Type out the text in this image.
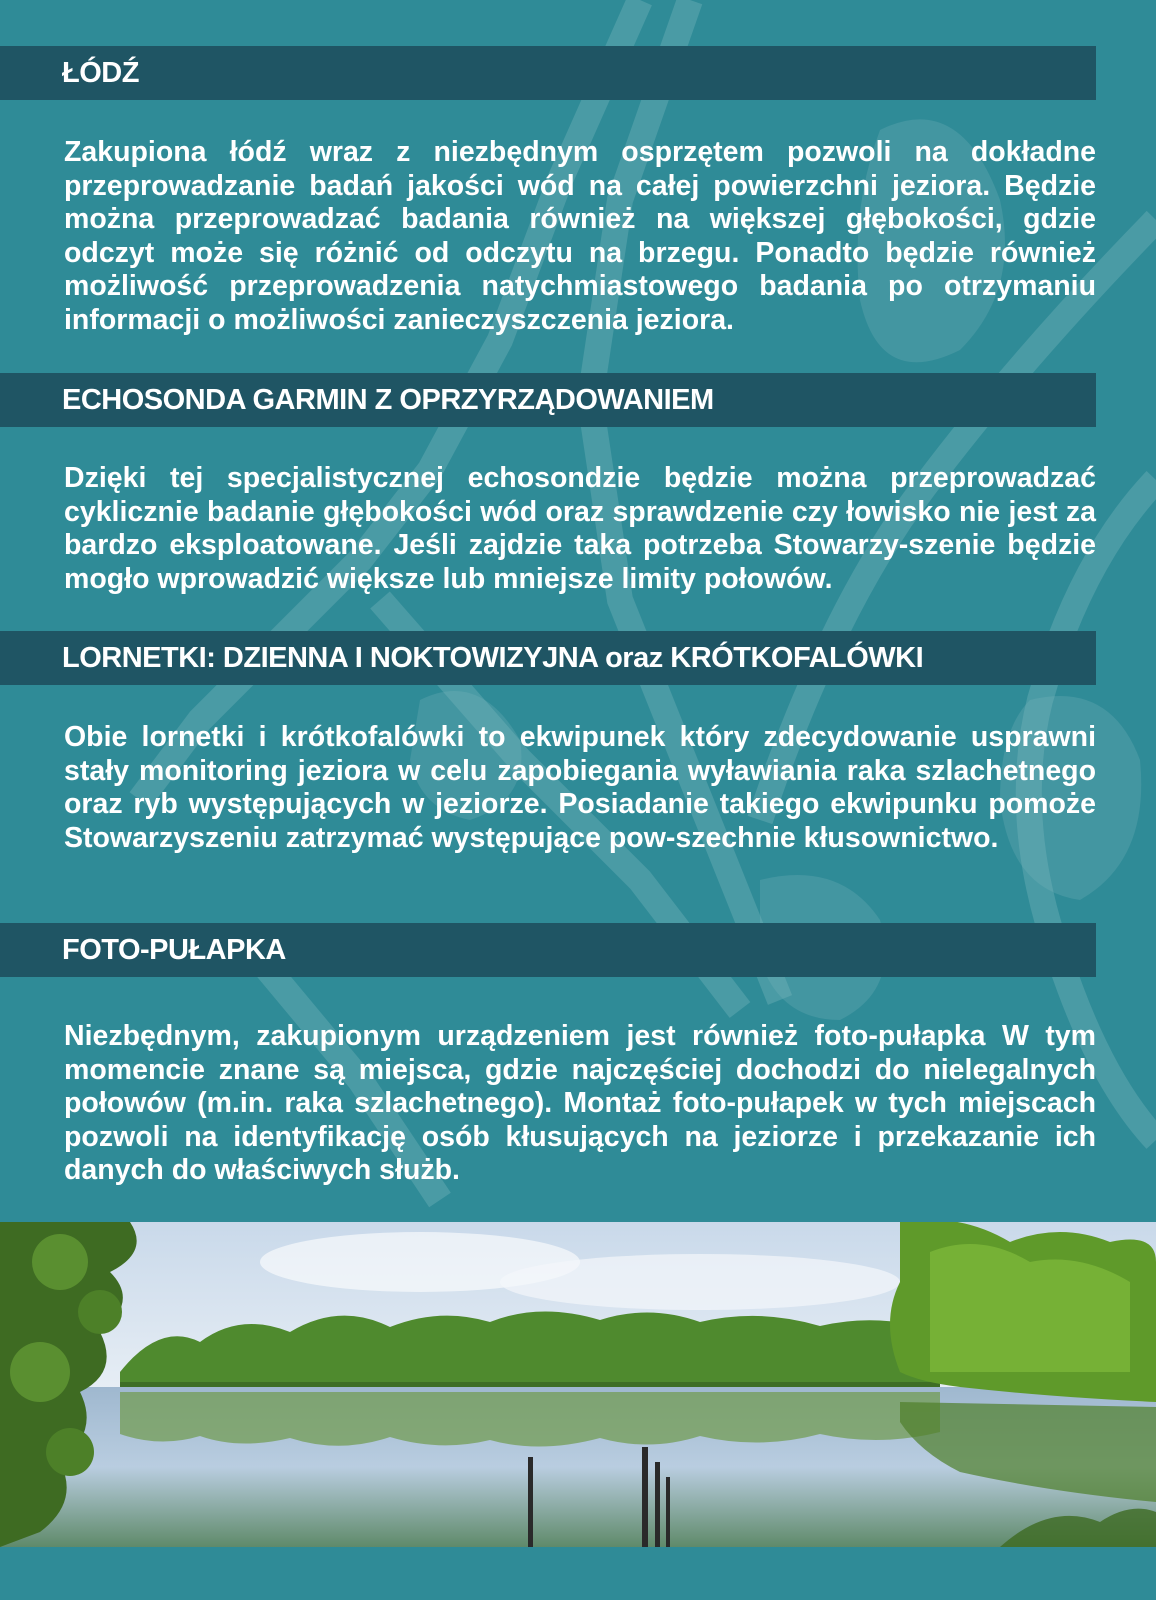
ŁÓDŹ

Zakupiona łódź wraz z niezbędnym osprzętem pozwoli na dokładne przeprowadzanie badań jakości wód na całej powierzchni jeziora. Będzie można przeprowadzać badania również na większej głębokości, gdzie odczyt może się różnić od odczytu na brzegu. Ponadto będzie również możliwość przeprowadzenia natychmiastowego badania po otrzymaniu informacji o możliwości zanieczyszczenia jeziora.

ECHOSONDA GARMIN Z OPRZYRZĄDOWANIEM

Dzięki tej specjalistycznej echosondzie będzie można przeprowadzać cyklicznie badanie głębokości wód oraz sprawdzenie czy łowisko nie jest za bardzo eksploatowane. Jeśli zajdzie taka potrzeba Stowarzy-szenie będzie mogło wprowadzić większe lub mniejsze limity połowów.

LORNETKI: DZIENNA I NOKTOWIZYJNA oraz KRÓTKOFALÓWKI

Obie lornetki i krótkofalówki to ekwipunek który zdecydowanie usprawni stały monitoring jeziora w celu zapobiegania wyławiania raka szlachetnego oraz ryb występujących w jeziorze. Posiadanie takiego ekwipunku pomoże Stowarzyszeniu zatrzymać występujące pow-szechnie kłusownictwo.

FOTO-PUŁAPKA

Niezbędnym, zakupionym urządzeniem jest również foto-pułapka W tym momencie znane są miejsca, gdzie najczęściej dochodzi do nielegalnych połowów (m.in. raka szlachetnego). Montaż foto-pułapek w tych miejscach pozwoli na identyfikację osób kłusujących na jeziorze i przekazanie ich danych do właściwych służb.
